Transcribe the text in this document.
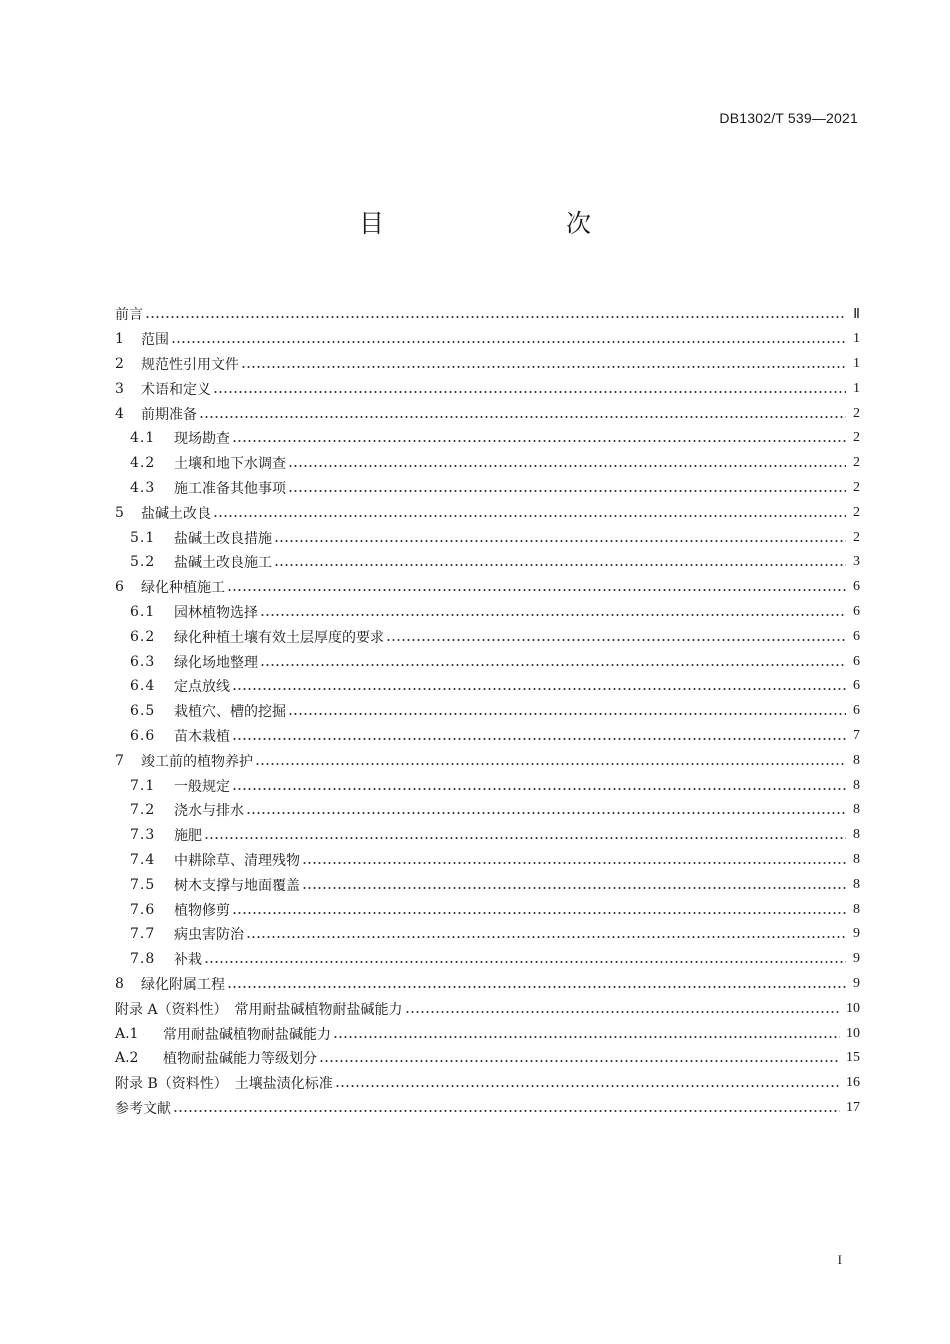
DB1302/T 539—2021
目　　次
前言	Ⅱ
1	范围	1
2	规范性引用文件	1
3	术语和定义	1
4	前期准备	2
4.1	现场勘查	2
4.2	土壤和地下水调查	2
4.3	施工准备其他事项	2
5	盐碱土改良	2
5.1	盐碱土改良措施	2
5.2	盐碱土改良施工	3
6	绿化种植施工	6
6.1	园林植物选择	6
6.2	绿化种植土壤有效土层厚度的要求	6
6.3	绿化场地整理	6
6.4	定点放线	6
6.5	栽植穴、槽的挖掘	6
6.6	苗木栽植	7
7	竣工前的植物养护	8
7.1	一般规定	8
7.2	浇水与排水	8
7.3	施肥	8
7.4	中耕除草、清理残物	8
7.5	树木支撑与地面覆盖	8
7.6	植物修剪	8
7.7	病虫害防治	9
7.8	补栽	9
8	绿化附属工程	9
附录 A（资料性）　常用耐盐碱植物耐盐碱能力	10
A.1	常用耐盐碱植物耐盐碱能力	10
A.2	植物耐盐碱能力等级划分	15
附录 B（资料性）　土壤盐渍化标准	16
参考文献	17
I
